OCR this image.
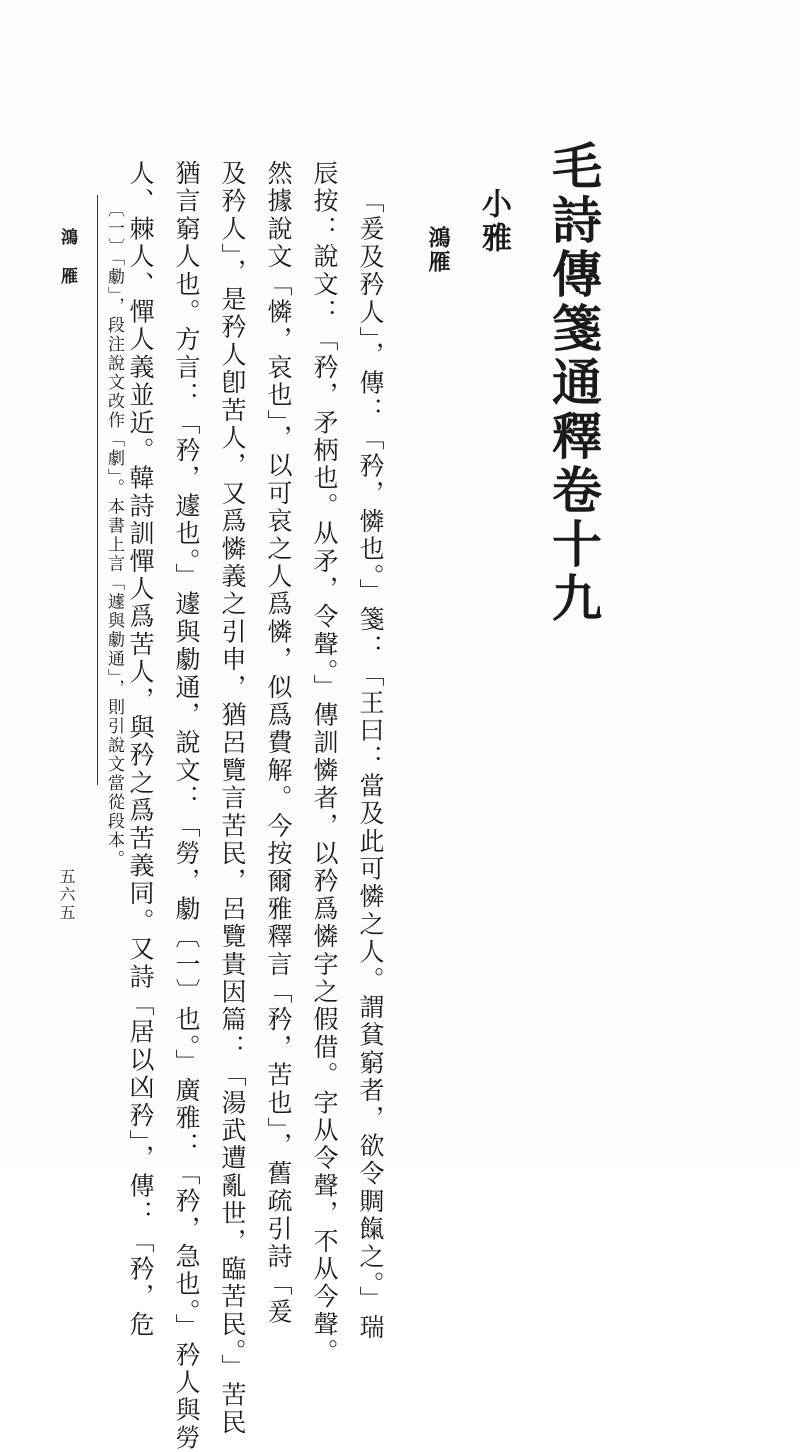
毛詩傳箋通釋卷十九
小雅
鴻雁
「爰及矜人」，傳：「矜，憐也。」箋：「王曰：當及此可憐之人。謂貧窮者，欲令賙餼之。」瑞
辰按：說文：「矜，矛柄也。从矛，令聲。」傳訓憐者，以矜爲憐字之假借。字从令聲，不从今聲。
然據說文「憐，哀也」，以可哀之人爲憐，似爲費解。今按爾雅釋言「矜，苦也」，舊疏引詩「爰
及矜人」，是矜人卽苦人，又爲憐義之引申，猶呂覽言苦民，呂覽貴因篇：「湯武遭亂世，臨苦民。」苦民
猶言窮人也。方言：「矜，遽也。」遽與勮通，說文：「勞，勮〔一〕也。」廣雅：「矜，急也。」矜人與勞
人、棘人、憚人義並近。韓詩訓憚人爲苦人，與矜之爲苦義同。又詩「居以凶矜」，傳：「矜，危
〔一〕「勮」，段注說文改作「劇」。本書上言「遽與勮通」，則引說文當從段本。
鴻雁
五六五
